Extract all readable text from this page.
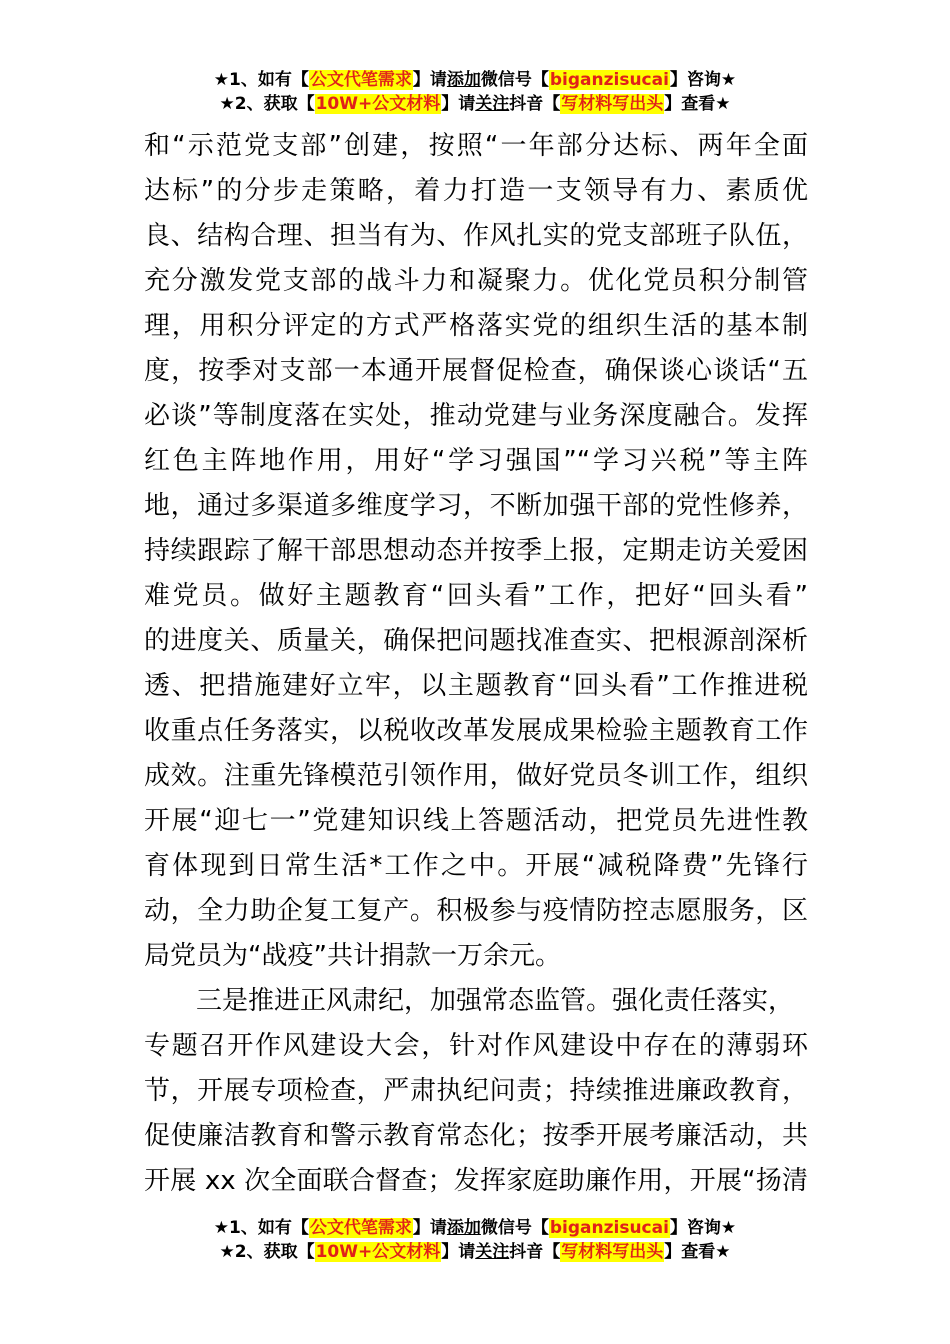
★1、如有【公文代笔需求】请添加微信号【biganzisucai】咨询★
★2、获取【10W+公文材料】请关注抖音【写材料写出头】查看★
和“示范党支部”创建，按照“一年部分达标、两年全面
达标”的分步走策略，着力打造一支领导有力、素质优
良、结构合理、担当有为、作风扎实的党支部班子队伍，
充分激发党支部的战斗力和凝聚力。优化党员积分制管
理，用积分评定的方式严格落实党的组织生活的基本制
度，按季对支部一本通开展督促检查，确保谈心谈话“五
必谈”等制度落在实处，推动党建与业务深度融合。发挥
红色主阵地作用，用好“学习强国”“学习兴税”等主阵
地，通过多渠道多维度学习，不断加强干部的党性修养，
持续跟踪了解干部思想动态并按季上报，定期走访关爱困
难党员。做好主题教育“回头看”工作，把好“回头看”
的进度关、质量关，确保把问题找准查实、把根源剖深析
透、把措施建好立牢，以主题教育“回头看”工作推进税
收重点任务落实，以税收改革发展成果检验主题教育工作
成效。注重先锋模范引领作用，做好党员冬训工作，组织
开展“迎七一”党建知识线上答题活动，把党员先进性教
育体现到日常生活*工作之中。开展“减税降费”先锋行
动，全力助企复工复产。积极参与疫情防控志愿服务，区
局党员为“战疫”共计捐款一万余元。
三是推进正风肃纪，加强常态监管。强化责任落实，
专题召开作风建设大会，针对作风建设中存在的薄弱环
节，开展专项检查，严肃执纪问责；持续推进廉政教育，
促使廉洁教育和警示教育常态化；按季开展考廉活动，共
开展 xx 次全面联合督查；发挥家庭助廉作用，开展“扬清
★1、如有【公文代笔需求】请添加微信号【biganzisucai】咨询★
★2、获取【10W+公文材料】请关注抖音【写材料写出头】查看★
